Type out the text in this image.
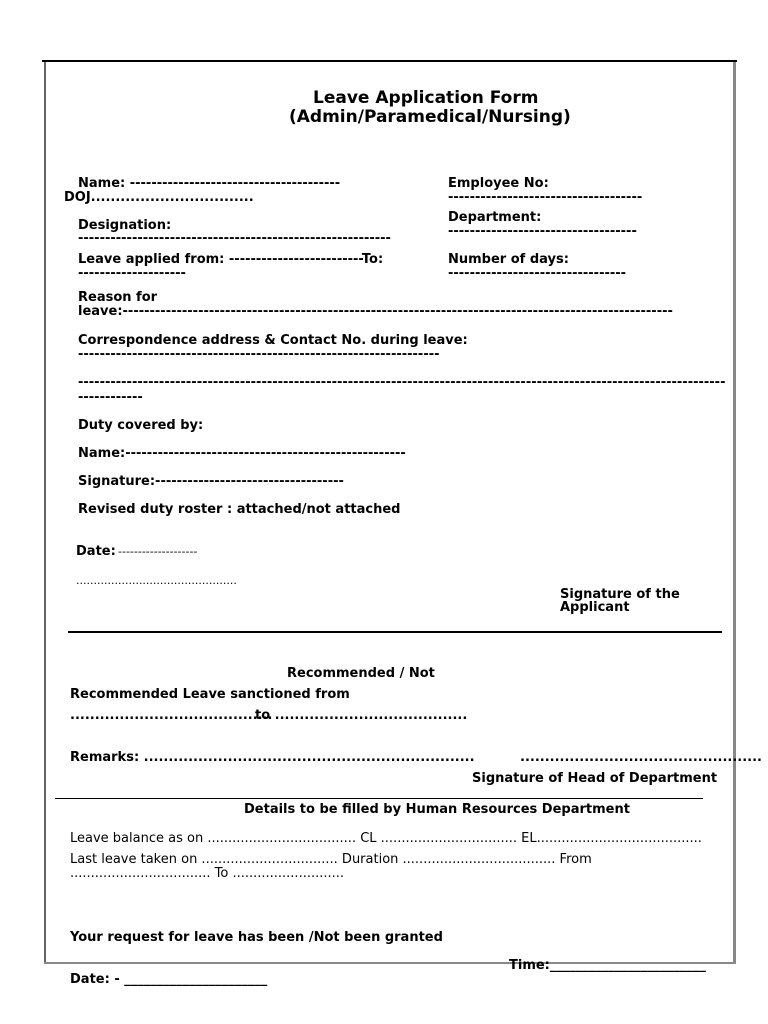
Leave Application Form
(Admin/Paramedical/Nursing)
Name: ---------------------------------------
DOJ.................................
Employee No:
------------------------------------
Designation:
----------------------------------------------------------
Department:
-----------------------------------
Leave applied from: -------------------------To:
--------------------
Number of days:
---------------------------------
Reason for
leave:------------------------------------------------------------------------------------------------------
Correspondence address & Contact No. during leave:
-------------------------------------------------------------------
------------------------------------------------------------------------------------------------------------------------
------------
Duty covered by:
Name:----------------------------------------------------
Signature:-----------------------------------
Revised duty roster : attached/not attached
Date: --------------------
..............................................
Signature of the
Applicant
Recommended / Not
Recommended Leave sanctioned from
.........................................
to .......................................
Remarks: ...................................................................	.................................................
Signature of Head of Department
Details to be filled by Human Resources Department
Leave balance as on .................................... CL ................................. EL........................................
Last leave taken on ................................. Duration ..................................... From
.................................. To ...........................
Your request for leave has been /Not been granted
Time:________________________
Date: - ______________________
